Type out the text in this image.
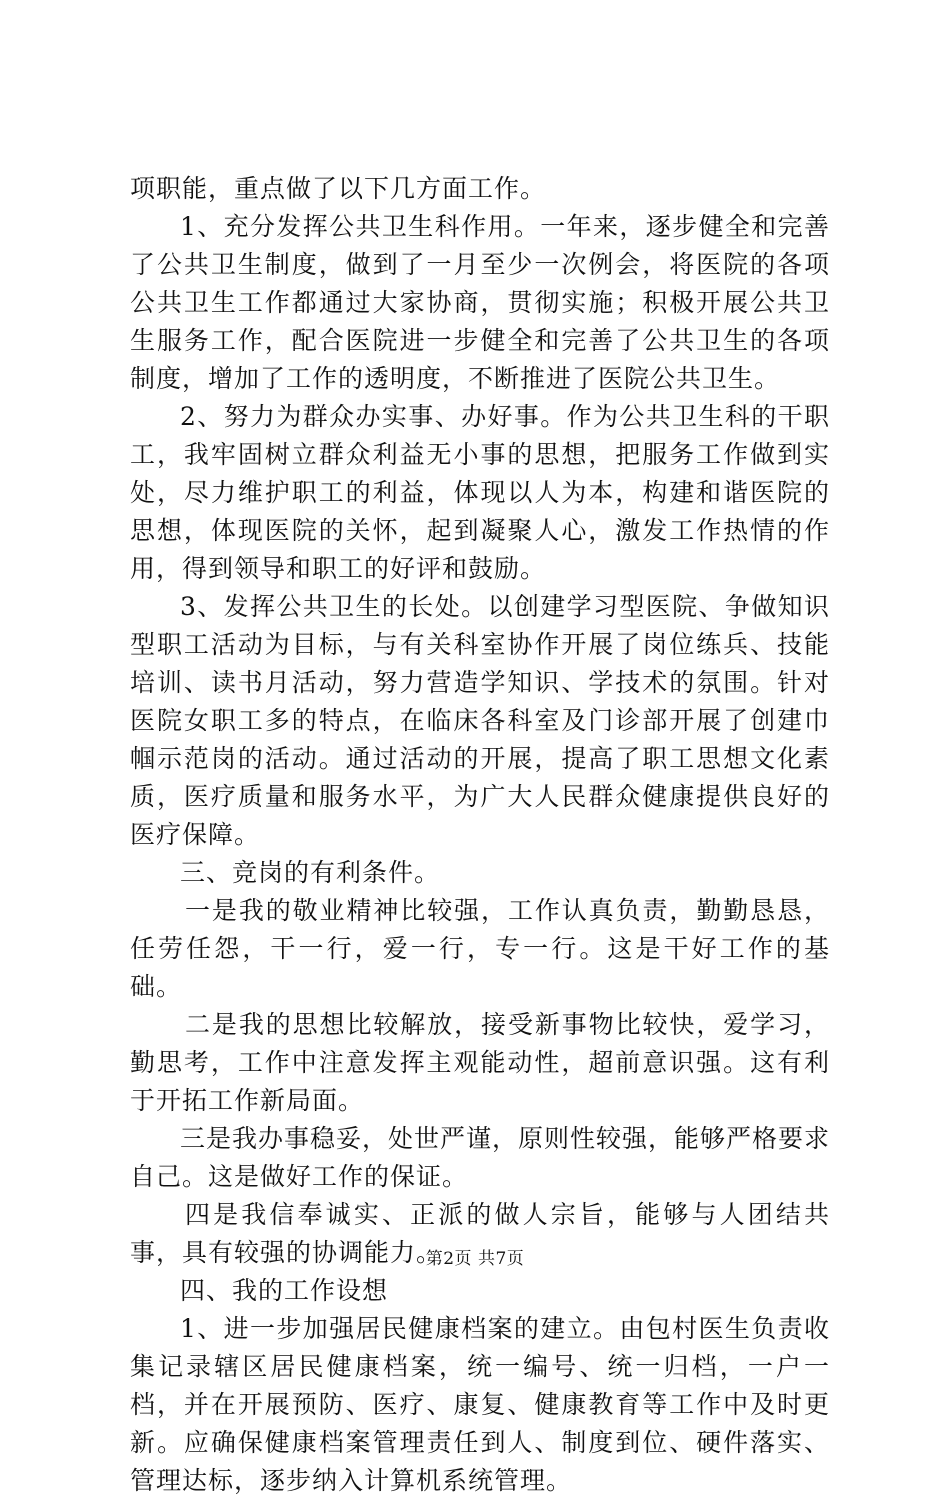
项职能，重点做了以下几方面工作。

1、充分发挥公共卫生科作用。一年来，逐步健全和完善了公共卫生制度，做到了一月至少一次例会，将医院的各项公共卫生工作都通过大家协商，贯彻实施；积极开展公共卫生服务工作，配合医院进一步健全和完善了公共卫生的各项制度，增加了工作的透明度，不断推进了医院公共卫生。

2、努力为群众办实事、办好事。作为公共卫生科的干职工，我牢固树立群众利益无小事的思想，把服务工作做到实处，尽力维护职工的利益，体现以人为本，构建和谐医院的思想，体现医院的关怀，起到凝聚人心，激发工作热情的作用，得到领导和职工的好评和鼓励。

3、发挥公共卫生的长处。以创建学习型医院、争做知识型职工活动为目标，与有关科室协作开展了岗位练兵、技能培训、读书月活动，努力营造学知识、学技术的氛围。针对医院女职工多的特点，在临床各科室及门诊部开展了创建巾帼示范岗的活动。通过活动的开展，提高了职工思想文化素质，医疗质量和服务水平，为广大人民群众健康提供良好的医疗保障。

三、竞岗的有利条件。

一是我的敬业精神比较强，工作认真负责，勤勤恳恳，任劳任怨，干一行，爱一行，专一行。这是干好工作的基础。

二是我的思想比较解放，接受新事物比较快，爱学习，勤思考，工作中注意发挥主观能动性，超前意识强。这有利于开拓工作新局面。

三是我办事稳妥，处世严谨，原则性较强，能够严格要求自己。这是做好工作的保证。

四是我信奉诚实、正派的做人宗旨，能够与人团结共事，具有较强的协调能力。

四、我的工作设想

1、进一步加强居民健康档案的建立。由包村医生负责收集记录辖区居民健康档案，统一编号、统一归档，一户一档，并在开展预防、医疗、康复、健康教育等工作中及时更新。应确保健康档案管理责任到人、制度到位、硬件落实、管理达标，逐步纳入计算机系统管理。

第2页 共7页
